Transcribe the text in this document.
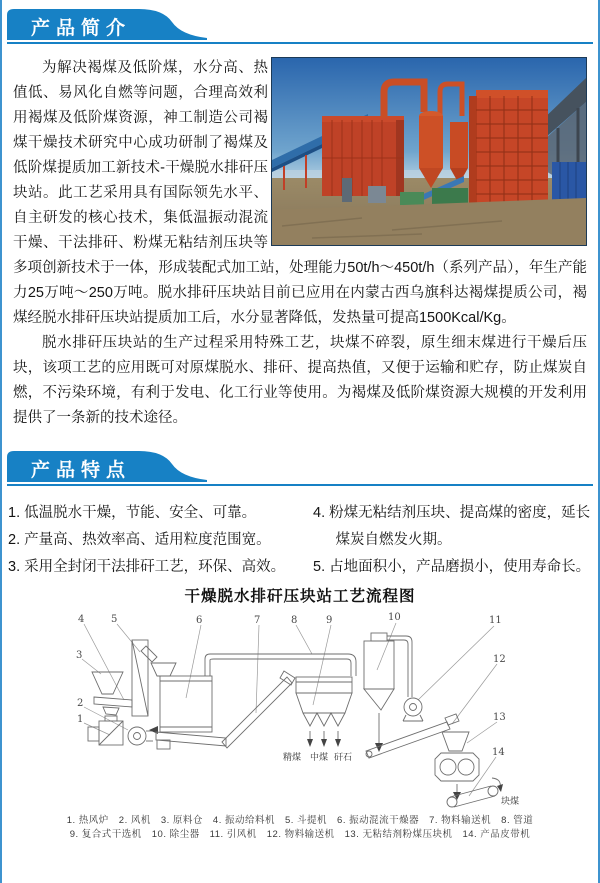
产品简介

为解决褐煤及低阶煤，水分高、热值低、易风化自燃等问题，合理高效利用褐煤及低阶煤资源，神工制造公司褐煤干燥技术研究中心成功研制了褐煤及低阶煤提质加工新技术-干燥脱水排矸压块站。此工艺采用具有国际领先水平、自主研发的核心技术，集低温振动混流干燥、干法排矸、粉煤无粘结剂压块等多项创新技术于一体，形成装配式加工站，处理能力50t/h～450t/h（系列产品），年生产能力25万吨～250万吨。脱水排矸压块站目前已应用在内蒙古西乌旗科达褐煤提质公司，褐煤经脱水排矸压块站提质加工后，水分显著降低，发热量可提高1500Kcal/Kg。

脱水排矸压块站的生产过程采用特殊工艺，块煤不碎裂，原生细末煤进行干燥后压块，该项工艺的应用既可对原煤脱水、排矸、提高热值，又便于运输和贮存，防止煤炭自燃，不污染环境，有利于发电、化工行业等使用。为褐煤及低阶煤资源大规模的开发利用提供了一条新的技术途径。

产品特点
1. 低温脱水干燥，节能、安全、可靠。
2. 产量高、热效率高、适用粒度范围宽。
3. 采用全封闭干法排矸工艺，环保、高效。
4. 粉煤无粘结剂压块、提高煤的密度，延长煤炭自燃发火期。
5. 占地面积小，产品磨损小，使用寿命长。
干燥脱水排矸压块站工艺流程图
1
2
3
4	5	6	7	8	9	10	11
12
13
14
精煤 中煤 矸石
块煤
1. 热风炉　2. 风机　3. 原料仓　4. 振动给料机　5. 斗提机　6. 振动混流干燥器　7. 物料输送机　8. 管道
9. 复合式干选机　10. 除尘器　11. 引风机　12. 物料输送机　13. 无粘结剂粉煤压块机　14. 产品皮带机
